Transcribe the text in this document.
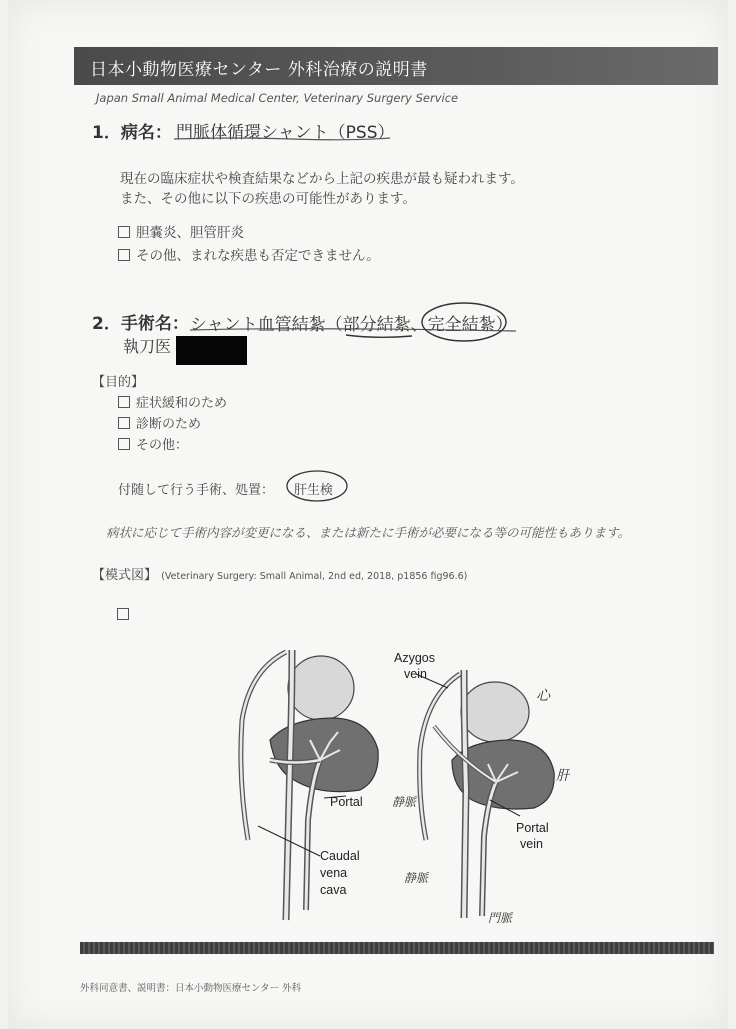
日本小動物医療センター 外科治療の説明書
Japan Small Animal Medical Center, Veterinary Surgery Service
1．病名： 門脈体循環シャント（PSS）
現在の臨床症状や検査結果などから上記の疾患が最も疑われます。
また、その他に以下の疾患の可能性があります。
胆嚢炎、胆管肝炎
その他、まれな疾患も否定できません。
2．手術名： シャント血管結紮（部分結紮、完全結紮）
執刀医
【目的】
症状緩和のため
診断のため
その他：
付随して行う手術、処置： 肝生検
病状に応じて手術内容が変更になる、または新たに手術が必要になる等の可能性もあります。
【模式図】 (Veterinary Surgery: Small Animal, 2nd ed, 2018, p1856 fig96.6)
Portal
Caudal
vena
cava
Azygos
vein
Portal
vein
心
肝
静脈
静脈
門脈
外科同意書、説明書：日本小動物医療センター 外科
